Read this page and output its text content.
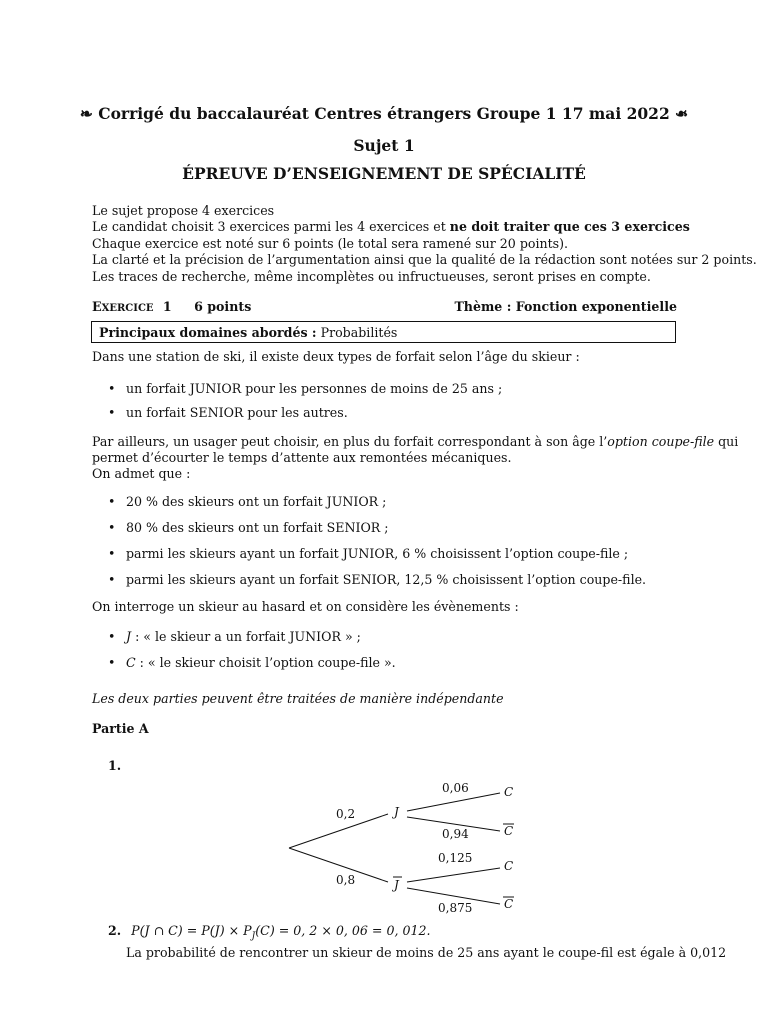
❧ Corrigé du baccalauréat Centres étrangers Groupe 1 17 mai 2022 ❧
Sujet 1
ÉPREUVE D’ENSEIGNEMENT DE SPÉCIALITÉ
Le sujet propose 4 exercices
Le candidat choisit 3 exercices parmi les 4 exercices et ne doit traiter que ces 3 exercices
Chaque exercice est noté sur 6 points (le total sera ramené sur 20 points).
La clarté et la précision de l’argumentation ainsi que la qualité de la rédaction sont notées sur 2 points.
Les traces de recherche, même incomplètes ou infructueuses, seront prises en compte.
EXERCICE 1 6 points	Thème : Fonction exponentielle
Principaux domaines abordés : Probabilités
Dans une station de ski, il existe deux types de forfait selon l’âge du skieur :
• un forfait JUNIOR pour les personnes de moins de 25 ans ;
• un forfait SENIOR pour les autres.
Par ailleurs, un usager peut choisir, en plus du forfait correspondant à son âge l’option coupe-file qui
permet d’écourter le temps d’attente aux remontées mécaniques.
On admet que :
• 20 % des skieurs ont un forfait JUNIOR ;
• 80 % des skieurs ont un forfait SENIOR ;
• parmi les skieurs ayant un forfait JUNIOR, 6 % choisissent l’option coupe-file ;
• parmi les skieurs ayant un forfait SENIOR, 12,5 % choisissent l’option coupe-file.
On interroge un skieur au hasard et on considère les évènements :
• J : « le skieur a un forfait JUNIOR » ;
• C : « le skieur choisit l’option coupe-file ».
Les deux parties peuvent être traitées de manière indépendante
Partie A
1.
0,2
0,8
0,06
0,94
0,125
0,875
J
J
C
C
C
C
2. P(J ∩ $C) = P(J) \times P_J(C) = 0$, 2 × 0, 06 = 0, 012.
La probabilité de rencontrer un skieur de moins de 25 ans ayant le coupe-fil est égale à 0,012
